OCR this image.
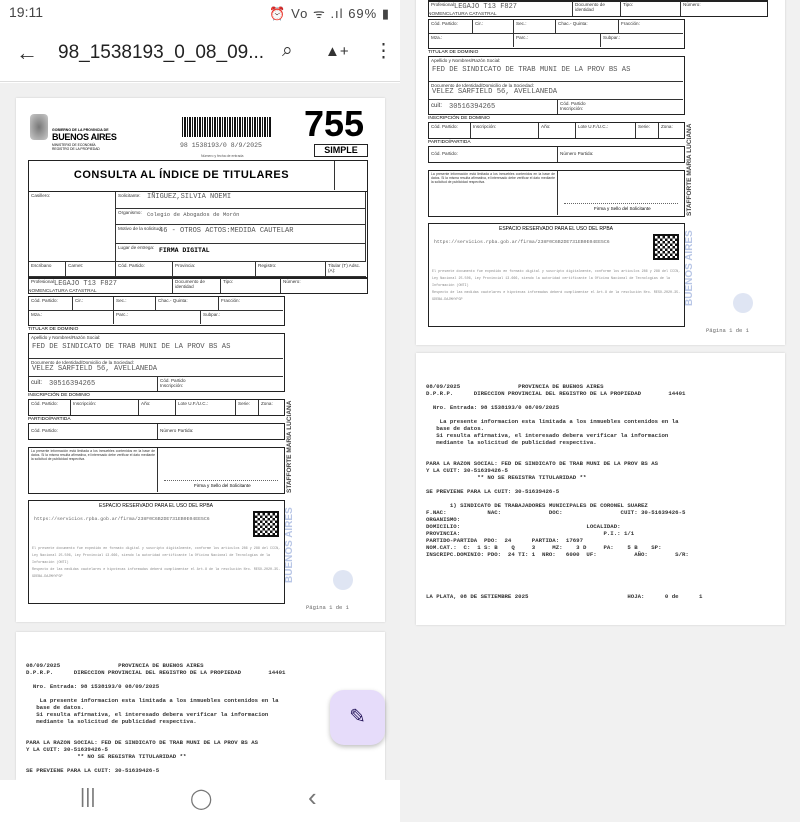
19:11	⏰ Vo ᯤ .ıl 69% ▮
← 98_1538193_0_08_09... ⌕ ▲+ ⋮
GOBIERNO DE LA PROVINCIA DE
BUENOS AIRES
MINISTERIO DE ECONOMÍA
REGISTRO DE LA PROPIEDAD	98 1538193/0 8/9/2025
Número y fecha de entrada
755
SIMPLE
CONSULTA AL ÍNDICE DE TITULARES
Casillero:	Solicitante: IÑIGUEZ,SILVIA NOEMI
Organismo: Colegio de Abogados de Morón
Motivo de la solicitud:
46 - OTROS ACTOS:MEDIDA CAUTELAR
Lugar de entrega: FIRMA DIGITAL
Escribano	Carnet:	Cód. Partido:	Provincia:	Registro:	Titular (T) Adsc. (A):
Profesional:
LEGAJO T13 F827	Documento de identidad
Tipo:	Número:
NOMENCLATURA CATASTRAL
Cód. Partido:	Cir.:	Sec.:	Chac.- Quinta:	Fracción:
Mza.:	Parc.:	Subpar.:
TITULAR DE DOMINIO
Apellido y Nombres/Razón Social:
FED DE SINDICATO DE TRAB MUNI DE LA PROV BS AS
Documento de Identidad/Domicilio de la Sociedad:
VELEZ SARFIELD 56, AVELLANEDA
cuit: 30516394265	Cód. Partido Inscripción:
INSCRIPCIÓN DE DOMINIO
Cód. Partido:	Inscripción:	Año:	Lote U.F./U.C.:	Serie:	Zona:
PARTIDO/PARTIDA
Cód. Partido:	Número Partida:
La presente información está limitada a los inmuebles contenidos en la base de datos. Si la misma resulta afirmativa, el interesado debe verificar el dato mediante la solicitud de publicidad respectiva.
Firma y Sello del Solicitante
ESPACIO RESERVADO PARA EL USO DEL RPBA
https://servicios.rpba.gob.ar/firma/238F0C6B2DE731EB0E04EE5C6
El presente documento fue expedido en formato digital y suscripto digitalmente, conforme los artículos 286 y 288 del CCCN, Ley Nacional 25.506, Ley Provincial 13.666, siendo la autoridad certificante la Oficina Nacional de Tecnologías de la Información (ONTI)
Respecto de las medidas cautelares e hipotecas informadas deberá cumplimentar el Art.8 de la resolución Nro. RESO-2020-35-GDEBA-DAJMHYFGP
STAFFORTE MARIA LUCIANA
BUENOS AIRES
Página 1 de 1
08/09/2025                 PROVINCIA DE BUENOS AIRES
D.P.R.P.      DIRECCION PROVINCIAL DEL REGISTRO DE LA PROPIEDAD        14401
Nro. Entrada: 98 1538193/0 08/09/2025
La presente informacion esta limitada a los inmuebles contenidos en la
base de datos.
Si resulta afirmativa, el interesado debera verificar la informacion
mediante la solicitud de publicidad respectiva.
PARA LA RAZON SOCIAL: FED DE SINDICATO DE TRAB MUNI DE LA PROV BS AS
Y LA CUIT: 30-51639426-5
** NO SE REGISTRA TITULARIDAD **
SE PREVIENE PARA LA CUIT: 30-51639426-5
✎
|||	◯	‹
Profesional:
LEGAJO T13 F827	Documento de identidad
Tipo:	Número:
NOMENCLATURA CATASTRAL
Cód. Partido:	Cir.:	Sec.:	Chac.- Quinta:	Fracción:
Mza.:	Parc.:	Subpar.:
TITULAR DE DOMINIO
Apellido y Nombres/Razón Social:
FED DE SINDICATO DE TRAB MUNI DE LA PROV BS AS
Documento de Identidad/Domicilio de la Sociedad:
VELEZ SARFIELD 56, AVELLANEDA
cuit: 30516394265	Cód. Partido Inscripción:
INSCRIPCIÓN DE DOMINIO
Cód. Partido:	Inscripción:	Año:	Lote U.F./U.C.:	Serie:	Zona:
PARTIDO/PARTIDA
Cód. Partido:	Número Partida:
La presente información está limitada a los inmuebles contenidos en la base de datos. Si la misma resulta afirmativa, el interesado debe verificar el dato mediante la solicitud de publicidad respectiva.
Firma y Sello del Solicitante
ESPACIO RESERVADO PARA EL USO DEL RPBA
https://servicios.rpba.gob.ar/firma/238F0C6B2DE731EB0E04EE5C6
El presente documento fue expedido en formato digital y suscripto digitalmente, conforme los artículos 286 y 288 del CCCN, Ley Nacional 25.506, Ley Provincial 13.666, siendo la autoridad certificante la Oficina Nacional de Tecnologías de la Información (ONTI)
Respecto de las medidas cautelares e hipotecas informadas deberá cumplimentar el Art.8 de la resolución Nro. RESO-2020-35-GDEBA-DAJMHYFGP
STAFFORTE MARIA LUCIANA
BUENOS AIRES
Página 1 de 1
08/09/2025                 PROVINCIA DE BUENOS AIRES
D.P.R.P.      DIRECCION PROVINCIAL DEL REGISTRO DE LA PROPIEDAD        14401
Nro. Entrada: 98 1538193/0 08/09/2025
La presente informacion esta limitada a los inmuebles contenidos en la
base de datos.
Si resulta afirmativa, el interesado debera verificar la informacion
mediante la solicitud de publicidad respectiva.
PARA LA RAZON SOCIAL: FED DE SINDICATO DE TRAB MUNI DE LA PROV BS AS
Y LA CUIT: 30-51639426-5
** NO SE REGISTRA TITULARIDAD **
SE PREVIENE PARA LA CUIT: 30-51639426-5
1) SINDICATO DE TRABAJADORES MUNICIPALES DE CORONEL SUAREZ
F.NAC:            NAC:              DOC:                 CUIT: 30-51639426-5
ORGANISMO:
DOMICILIO:                                     LOCALIDAD:
PROVINCIA:                                          P.I.: 1/1
PARTIDO-PARTIDA  PDO:  24      PARTIDA:  17697
NOM.CAT.:  C:  1 S: B    Q     3     MZ:    3 D     PA:    5 B    SP:
INSCRIPC.DOMINIO: PDO:  24 TI: 1  NRO:   6000  UF:           AÑO:        S/R:
LA PLATA, 08 DE SETIEMBRE 2025                             HOJA:      0 de      1
